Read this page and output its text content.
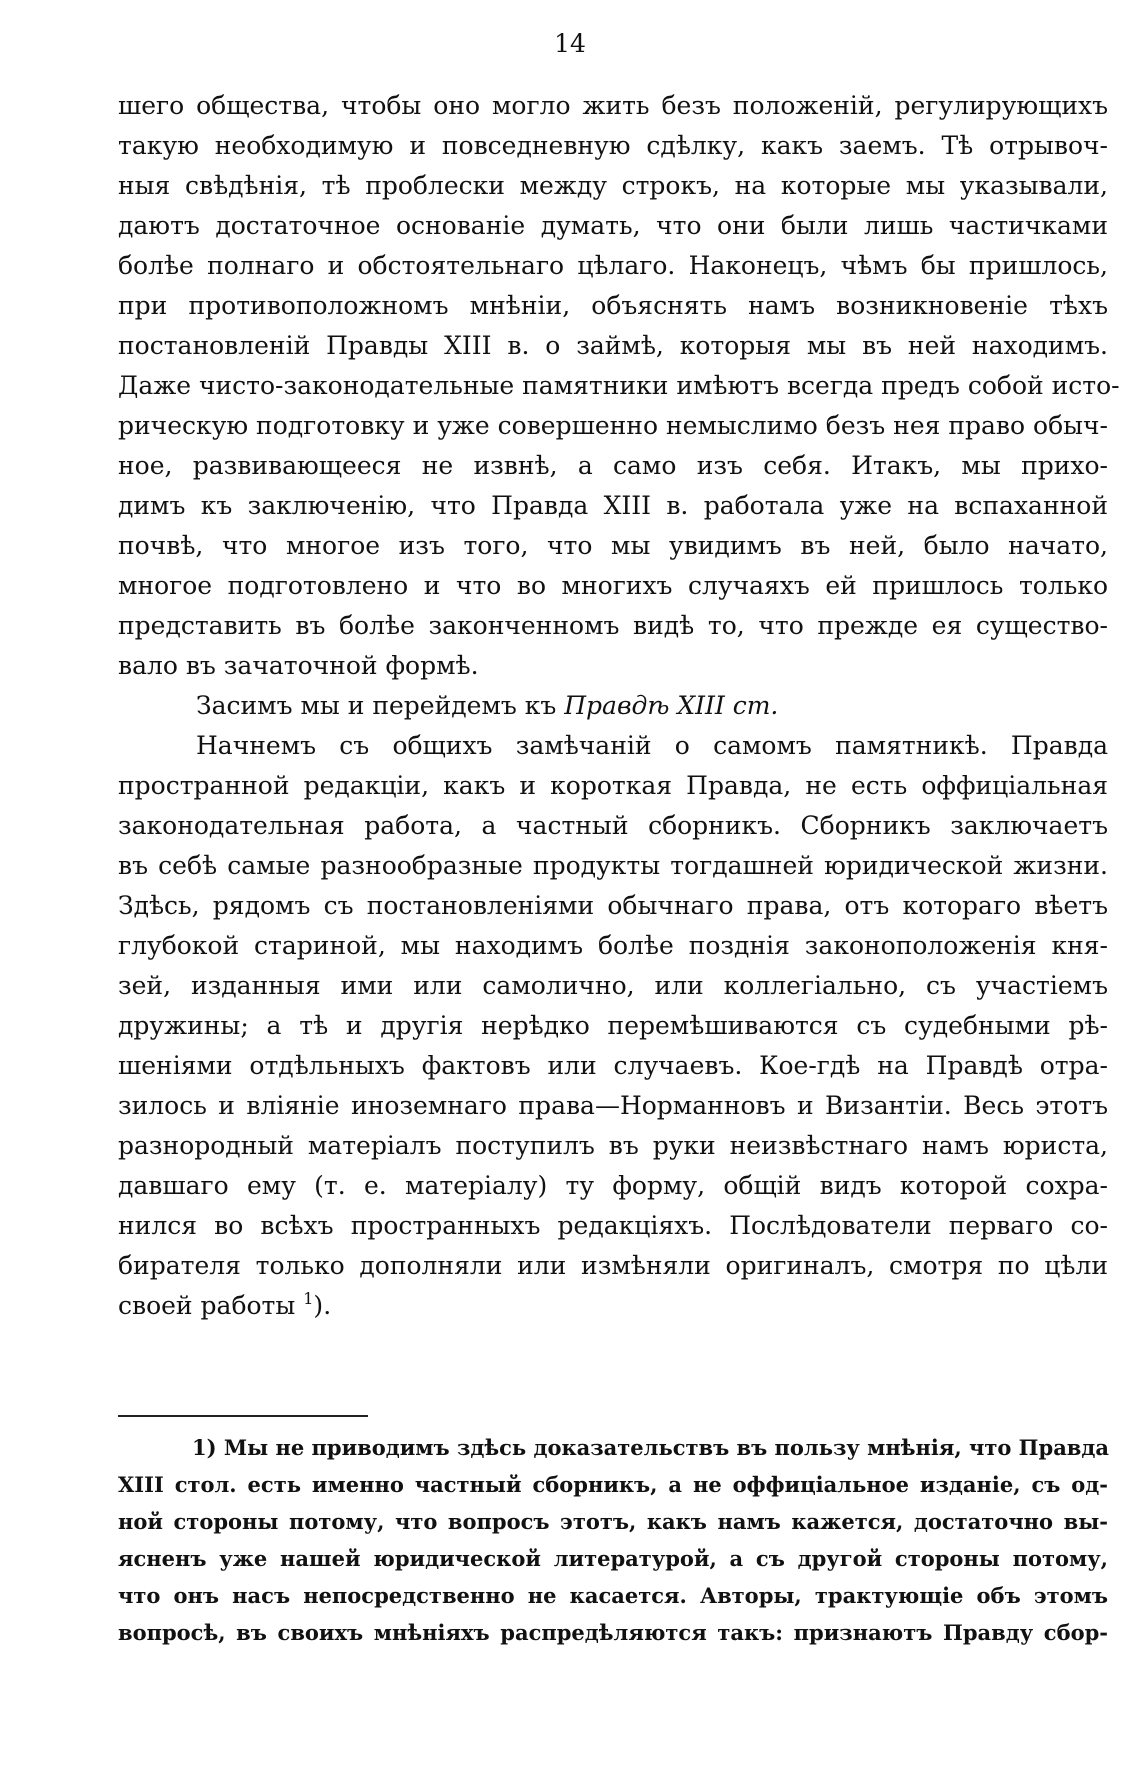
14
шего общества, чтобы оно могло жить безъ положеній, регулирующихъ
такую необходимую и повседневную сдѣлку, какъ заемъ. Тѣ отрывоч-
ныя свѣдѣнія, тѣ проблески между строкъ, на которые мы указывали,
даютъ достаточное основаніе думать, что они были лишь частичками
болѣе полнаго и обстоятельнаго цѣлаго. Наконецъ, чѣмъ бы пришлось,
при противоположномъ мнѣніи, объяснять намъ возникновеніе тѣхъ
постановленій Правды XIII в. о займѣ, которыя мы въ ней находимъ.
Даже чисто-законодательные памятники имѣютъ всегда предъ собой исто-
рическую подготовку и уже совершенно немыслимо безъ нея право обыч-
ное, развивающееся не извнѣ, а само изъ себя. Итакъ, мы прихо-
димъ къ заключенію, что Правда XIII в. работала уже на вспаханной
почвѣ, что многое изъ того, что мы увидимъ въ ней, было начато,
многое подготовлено и что во многихъ случаяхъ ей пришлось только
представить въ болѣе законченномъ видѣ то, что прежде ея существо-
вало въ зачаточной формѣ.
Засимъ мы и перейдемъ къ Правдѣ XIII ст.
Начнемъ съ общихъ замѣчаній о самомъ памятникѣ. Правда
пространной редакціи, какъ и короткая Правда, не есть оффиціальная
законодательная работа, а частный сборникъ. Сборникъ заключаетъ
въ себѣ самые разнообразные продукты тогдашней юридической жизни.
Здѣсь, рядомъ съ постановленіями обычнаго права, отъ котораго вѣетъ
глубокой стариной, мы находимъ болѣе позднія законоположенія кня-
зей, изданныя ими или самолично, или коллегіально, съ участіемъ
дружины; а тѣ и другія нерѣдко перемѣшиваются съ судебными рѣ-
шеніями отдѣльныхъ фактовъ или случаевъ. Кое-гдѣ на Правдѣ отра-
зилось и вліяніе иноземнаго права—Норманновъ и Византіи. Весь этотъ
разнородный матеріалъ поступилъ въ руки неизвѣстнаго намъ юриста,
давшаго ему (т. е. матеріалу) ту форму, общій видъ которой сохра-
нился во всѣхъ пространныхъ редакціяхъ. Послѣдователи перваго со-
бирателя только дополняли или измѣняли оригиналъ, смотря по цѣли
своей работы $^1$).
1) Мы не приводимъ здѣсь доказательствъ въ пользу мнѣнія, что Правда
XIII стол. есть именно частный сборникъ, а не оффиціальное изданіе, съ од-
ной стороны потому, что вопросъ этотъ, какъ намъ кажется, достаточно вы-
ясненъ уже нашей юридической литературой, а съ другой стороны потому,
что онъ насъ непосредственно не касается. Авторы, трактующіе объ этомъ
вопросѣ, въ своихъ мнѣніяхъ распредѣляются такъ: признаютъ Правду сбор-
